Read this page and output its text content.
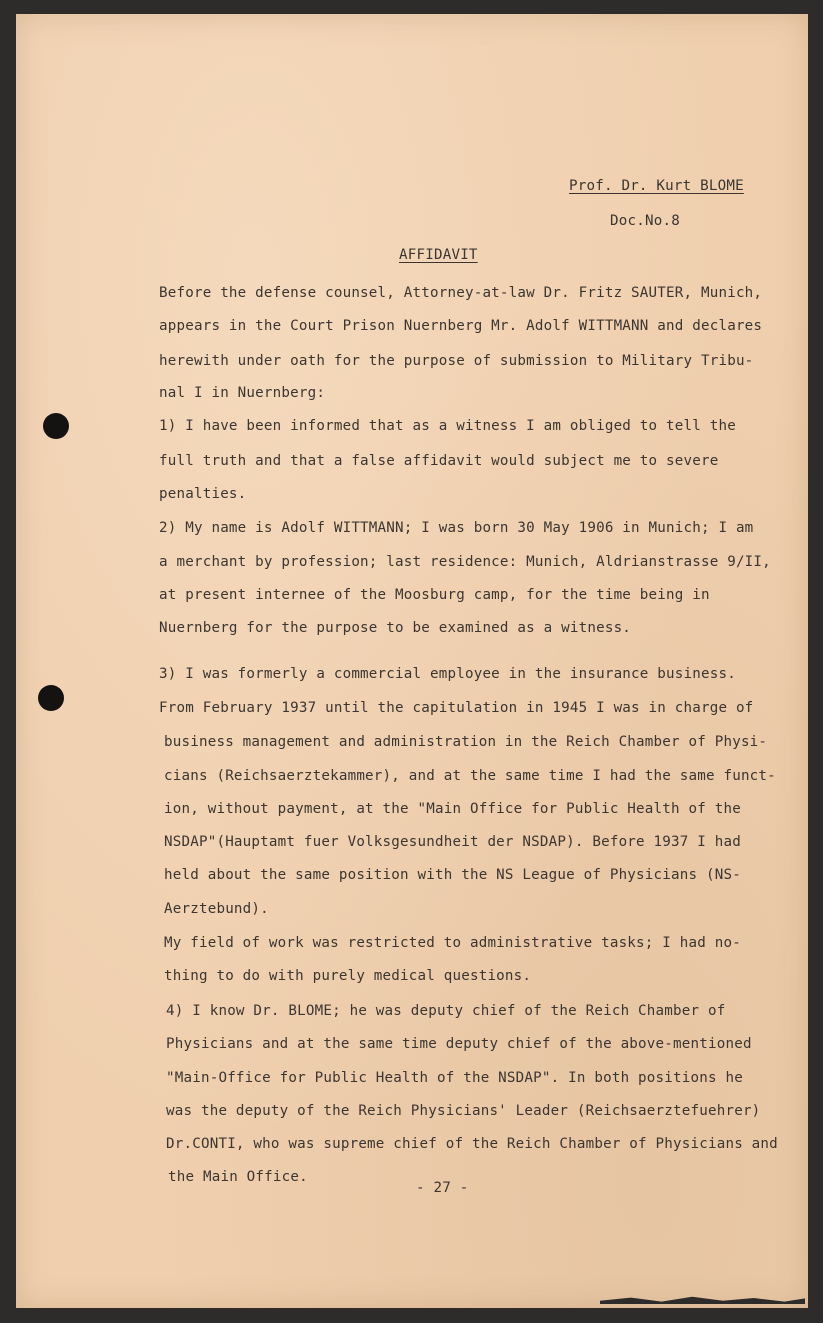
Prof. Dr. Kurt BLOME
Doc.No.8
AFFIDAVIT
Before the defense counsel, Attorney-at-law Dr. Fritz SAUTER, Munich,
appears in the Court Prison Nuernberg Mr. Adolf WITTMANN and declares
herewith under oath for the purpose of submission to Military Tribu-
nal I in Nuernberg:
1) I have been informed that as a witness I am obliged to tell the
full truth and that a false affidavit would subject me to severe
penalties.
2) My name is Adolf WITTMANN; I was born 30 May 1906 in Munich; I am
a merchant by profession; last residence: Munich, Aldrianstrasse 9/II,
at present internee of the Moosburg camp, for the time being in
Nuernberg for the purpose to be examined as a witness.
3) I was formerly a commercial employee in the insurance business.
From February 1937 until the capitulation in 1945 I was in charge of
business management and administration in the Reich Chamber of Physi-
cians (Reichsaerztekammer), and at the same time I had the same funct-
ion, without payment, at the "Main Office for Public Health of the
NSDAP"(Hauptamt fuer Volksgesundheit der NSDAP). Before 1937 I had
held about the same position with the NS League of Physicians (NS-
Aerztebund).
My field of work was restricted to administrative tasks; I had no-
thing to do with purely medical questions.
4) I know Dr. BLOME; he was deputy chief of the Reich Chamber of
Physicians and at the same time deputy chief of the above-mentioned
"Main-Office for Public Health of the NSDAP". In both positions he
was the deputy of the Reich Physicians' Leader (Reichsaerztefuehrer)
Dr.CONTI, who was supreme chief of the Reich Chamber of Physicians and
the Main Office.
- 27 -
